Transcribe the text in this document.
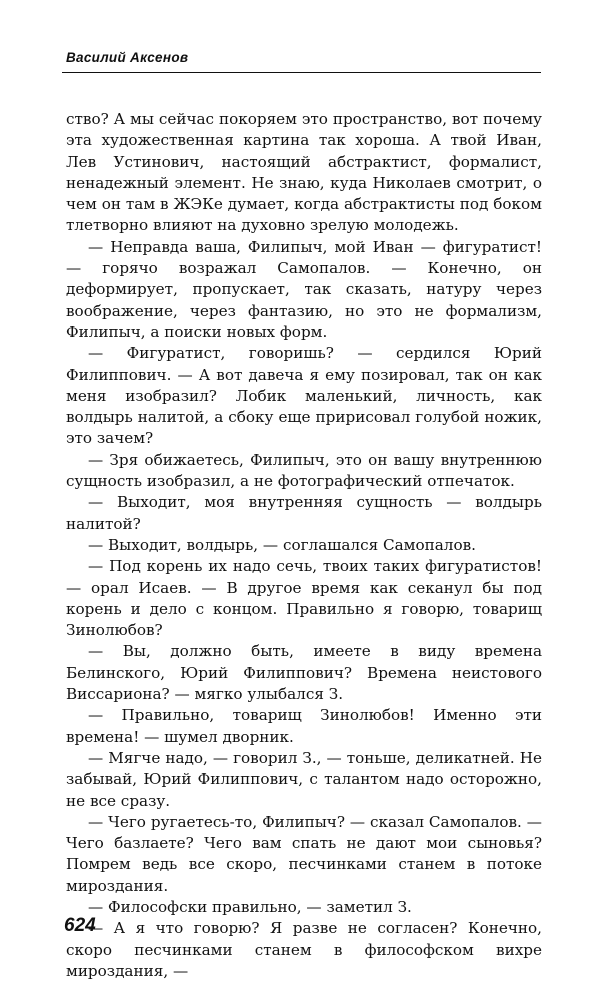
Василий Аксенов

ство? А мы сейчас покоряем это пространство, вот почему эта художественная картина так хороша. А твой Иван, Лев Устинович, настоящий абстрактист, формалист, ненадежный элемент. Не знаю, куда Николаев смотрит, о чем он там в ЖЭКе думает, когда абстрактисты под боком тлетворно влияют на духовно зрелую молодежь.

— Неправда ваша, Филипыч, мой Иван — фигуратист! — горячо возражал Самопалов. — Конечно, он деформирует, пропускает, так сказать, натуру через воображение, через фантазию, но это не формализм, Филипыч, а поиски новых форм.

— Фигуратист, говоришь? — сердился Юрий Филиппович. — А вот давеча я ему позировал, так он как меня изобразил? Лобик маленький, личность, как волдырь налитой, а сбоку еще пририсовал голубой ножик, это зачем?

— Зря обижаетесь, Филипыч, это он вашу внутреннюю сущность изобразил, а не фотографический отпечаток.

— Выходит, моя внутренняя сущность — волдырь налитой?

— Выходит, волдырь, — соглашался Самопалов.

— Под корень их надо сечь, твоих таких фигуратистов! — орал Исаев. — В другое время как секанул бы под корень и дело с концом. Правильно я говорю, товарищ Зинолюбов?

— Вы, должно быть, имеете в виду времена Белинского, Юрий Филиппович? Времена неистового Виссариона? — мягко улыбался З.

— Правильно, товарищ Зинолюбов! Именно эти времена! — шумел дворник.

— Мягче надо, — говорил З., — тоньше, деликатней. Не забывай, Юрий Филиппович, с талантом надо осторожно, не все сразу.

— Чего ругаетесь-то, Филипыч? — сказал Самопалов. — Чего базлаете? Чего вам спать не дают мои сыновья? Помрем ведь все скоро, песчинками станем в потоке мироздания.

— Философски правильно, — заметил З.

— А я что говорю? Я разве не согласен? Конечно, скоро песчинками станем в философском вихре мироздания, —

624
